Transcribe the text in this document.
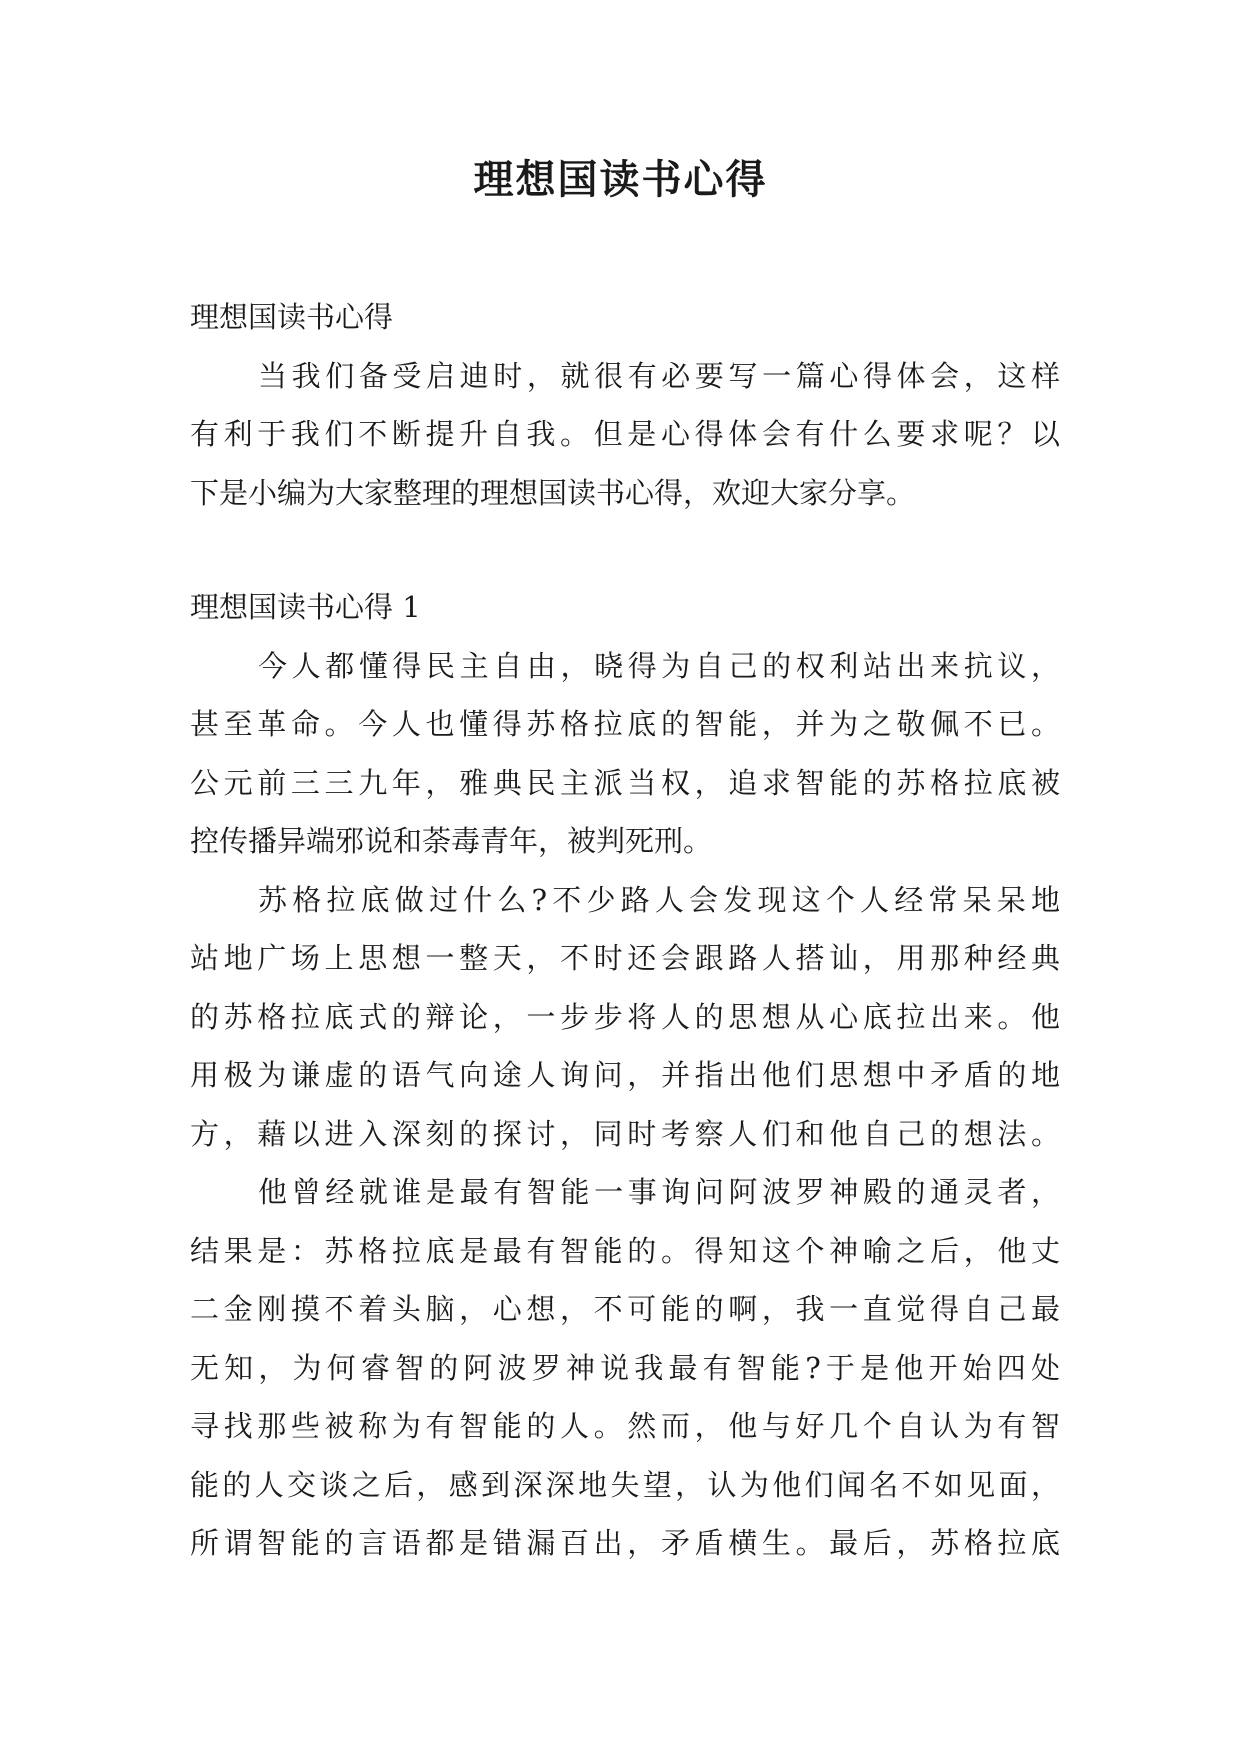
理想国读书心得
理想国读书心得
当我们备受启迪时，就很有必要写一篇心得体会，这样
有利于我们不断提升自我。但是心得体会有什么要求呢？以
下是小编为大家整理的理想国读书心得，欢迎大家分享。
理想国读书心得 1
今人都懂得民主自由，晓得为自己的权利站出来抗议，
甚至革命。今人也懂得苏格拉底的智能，并为之敬佩不已。
公元前三三九年，雅典民主派当权，追求智能的苏格拉底被
控传播异端邪说和荼毒青年，被判死刑。
苏格拉底做过什么?不少路人会发现这个人经常呆呆地
站地广场上思想一整天，不时还会跟路人搭讪，用那种经典
的苏格拉底式的辩论，一步步将人的思想从心底拉出来。他
用极为谦虚的语气向途人询问，并指出他们思想中矛盾的地
方，藉以进入深刻的探讨，同时考察人们和他自己的想法。
他曾经就谁是最有智能一事询问阿波罗神殿的通灵者，
结果是：苏格拉底是最有智能的。得知这个神喻之后，他丈
二金刚摸不着头脑，心想，不可能的啊，我一直觉得自己最
无知，为何睿智的阿波罗神说我最有智能?于是他开始四处
寻找那些被称为有智能的人。然而，他与好几个自认为有智
能的人交谈之后，感到深深地失望，认为他们闻名不如见面，
所谓智能的言语都是错漏百出，矛盾横生。最后，苏格拉底
